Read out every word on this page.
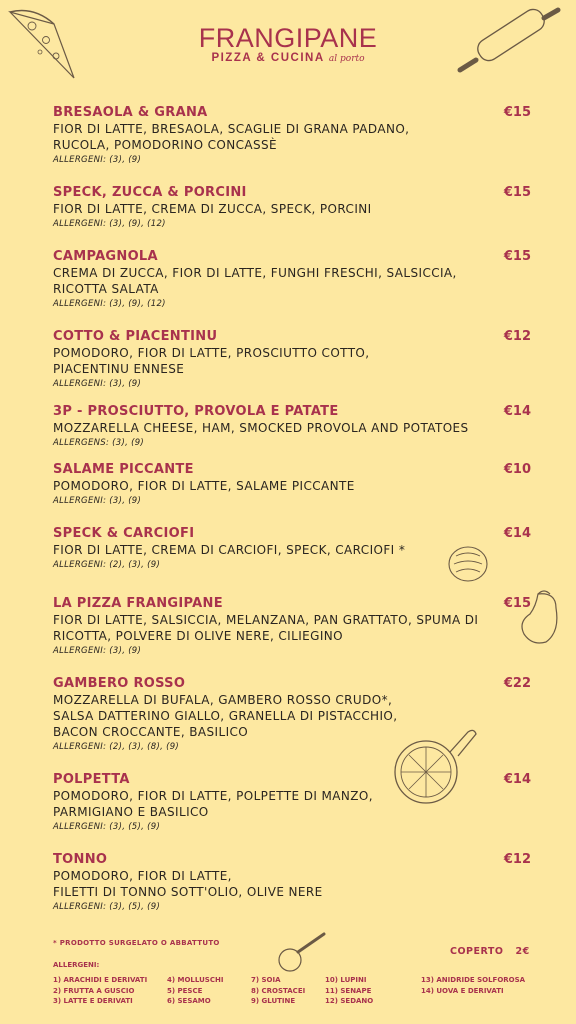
FRANGIPANE
PIZZA & CUCINA al porto
BRESAOLA & GRANA	€15
FIOR DI LATTE, BRESAOLA, SCAGLIE DI GRANA PADANO,
RUCOLA, POMODORINO CONCASSÈ
ALLERGENI: (3), (9)
SPECK, ZUCCA & PORCINI	€15
FIOR DI LATTE, CREMA DI ZUCCA, SPECK, PORCINI
ALLERGENI: (3), (9), (12)
CAMPAGNOLA	€15
CREMA DI ZUCCA, FIOR DI LATTE, FUNGHI FRESCHI, SALSICCIA,
RICOTTA SALATA
ALLERGENI: (3), (9), (12)
COTTO & PIACENTINU	€12
POMODORO, FIOR DI LATTE, PROSCIUTTO COTTO,
PIACENTINU ENNESE
ALLERGENI: (3), (9)
3P - PROSCIUTTO, PROVOLA E PATATE	€14
MOZZARELLA CHEESE, HAM, SMOCKED PROVOLA AND POTATOES
ALLERGENS: (3), (9)
SALAME PICCANTE	€10
POMODORO, FIOR DI LATTE, SALAME PICCANTE
ALLERGENI: (3), (9)
SPECK & CARCIOFI	€14
FIOR DI LATTE, CREMA DI CARCIOFI, SPECK, CARCIOFI *
ALLERGENI: (2), (3), (9)
LA PIZZA FRANGIPANE	€15
FIOR DI LATTE, SALSICCIA, MELANZANA, PAN GRATTATO, SPUMA DI
RICOTTA, POLVERE DI OLIVE NERE, CILIEGINO
ALLERGENI: (3), (9)
GAMBERO ROSSO	€22
MOZZARELLA DI BUFALA, GAMBERO ROSSO CRUDO*,
SALSA DATTERINO GIALLO, GRANELLA DI PISTACCHIO,
BACON CROCCANTE, BASILICO
ALLERGENI: (2), (3), (8), (9)
POLPETTA	€14
POMODORO, FIOR DI LATTE, POLPETTE DI MANZO,
PARMIGIANO E BASILICO
ALLERGENI: (3), (5), (9)
TONNO	€12
POMODORO, FIOR DI LATTE,
FILETTI DI TONNO SOTT'OLIO, OLIVE NERE
ALLERGENI: (3), (5), (9)
* PRODOTTO SURGELATO O ABBATTUTO
COPERTO 2€
ALLERGENI:
1) ARACHIDI E DERIVATI
2) FRUTTA A GUSCIO
3) LATTE E DERIVATI
4) MOLLUSCHI
5) PESCE
6) SESAMO
7) SOIA
8) CROSTACEI
9) GLUTINE
10) LUPINI
11) SENAPE
12) SEDANO
13) ANIDRIDE SOLFOROSA
14) UOVA E DERIVATI
